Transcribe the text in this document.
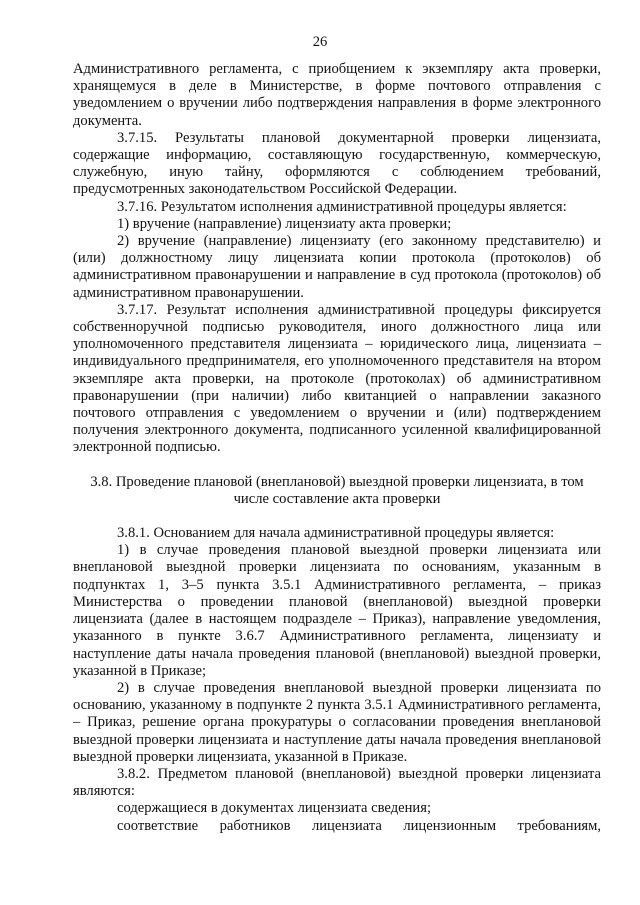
26

Административного регламента, с приобщением к экземпляру акта проверки, хранящемуся в деле в Министерстве, в форме почтового отправления с уведомлением о вручении либо подтверждения направления в форме электронного документа.

3.7.15. Результаты плановой документарной проверки лицензиата, содержащие информацию, составляющую государственную, коммерческую, служебную, иную тайну, оформляются с соблюдением требований, предусмотренных законодательством Российской Федерации.

3.7.16. Результатом исполнения административной процедуры является:

1) вручение (направление) лицензиату акта проверки;

2) вручение (направление) лицензиату (его законному представителю) и (или) должностному лицу лицензиата копии протокола (протоколов) об административном правонарушении и направление в суд протокола (протоколов) об административном правонарушении.

3.7.17. Результат исполнения административной процедуры фиксируется собственноручной подписью руководителя, иного должностного лица или уполномоченного представителя лицензиата – юридического лица, лицензиата – индивидуального предпринимателя, его уполномоченного представителя на втором экземпляре акта проверки, на протоколе (протоколах) об административном правонарушении (при наличии) либо квитанцией о направлении заказного почтового отправления с уведомлением о вручении и (или) подтверждением получения электронного документа, подписанного усиленной квалифицированной электронной подписью.

3.8. Проведение плановой (внеплановой) выездной проверки лицензиата, в том числе составление акта проверки

3.8.1. Основанием для начала административной процедуры является:

1) в случае проведения плановой выездной проверки лицензиата или внеплановой выездной проверки лицензиата по основаниям, указанным в подпунктах 1, 3–5 пункта 3.5.1 Административного регламента, – приказ Министерства о проведении плановой (внеплановой) выездной проверки лицензиата (далее в настоящем подразделе – Приказ), направление уведомления, указанного в пункте 3.6.7 Административного регламента, лицензиату и наступление даты начала проведения плановой (внеплановой) выездной проверки, указанной в Приказе;

2) в случае проведения внеплановой выездной проверки лицензиата по основанию, указанному в подпункте 2 пункта 3.5.1 Административного регламента, – Приказ, решение органа прокуратуры о согласовании проведения внеплановой выездной проверки лицензиата и наступление даты начала проведения внеплановой выездной проверки лицензиата, указанной в Приказе.

3.8.2. Предметом плановой (внеплановой) выездной проверки лицензиата являются:

содержащиеся в документах лицензиата сведения;

соответствие работников лицензиата лицензионным требованиям,
